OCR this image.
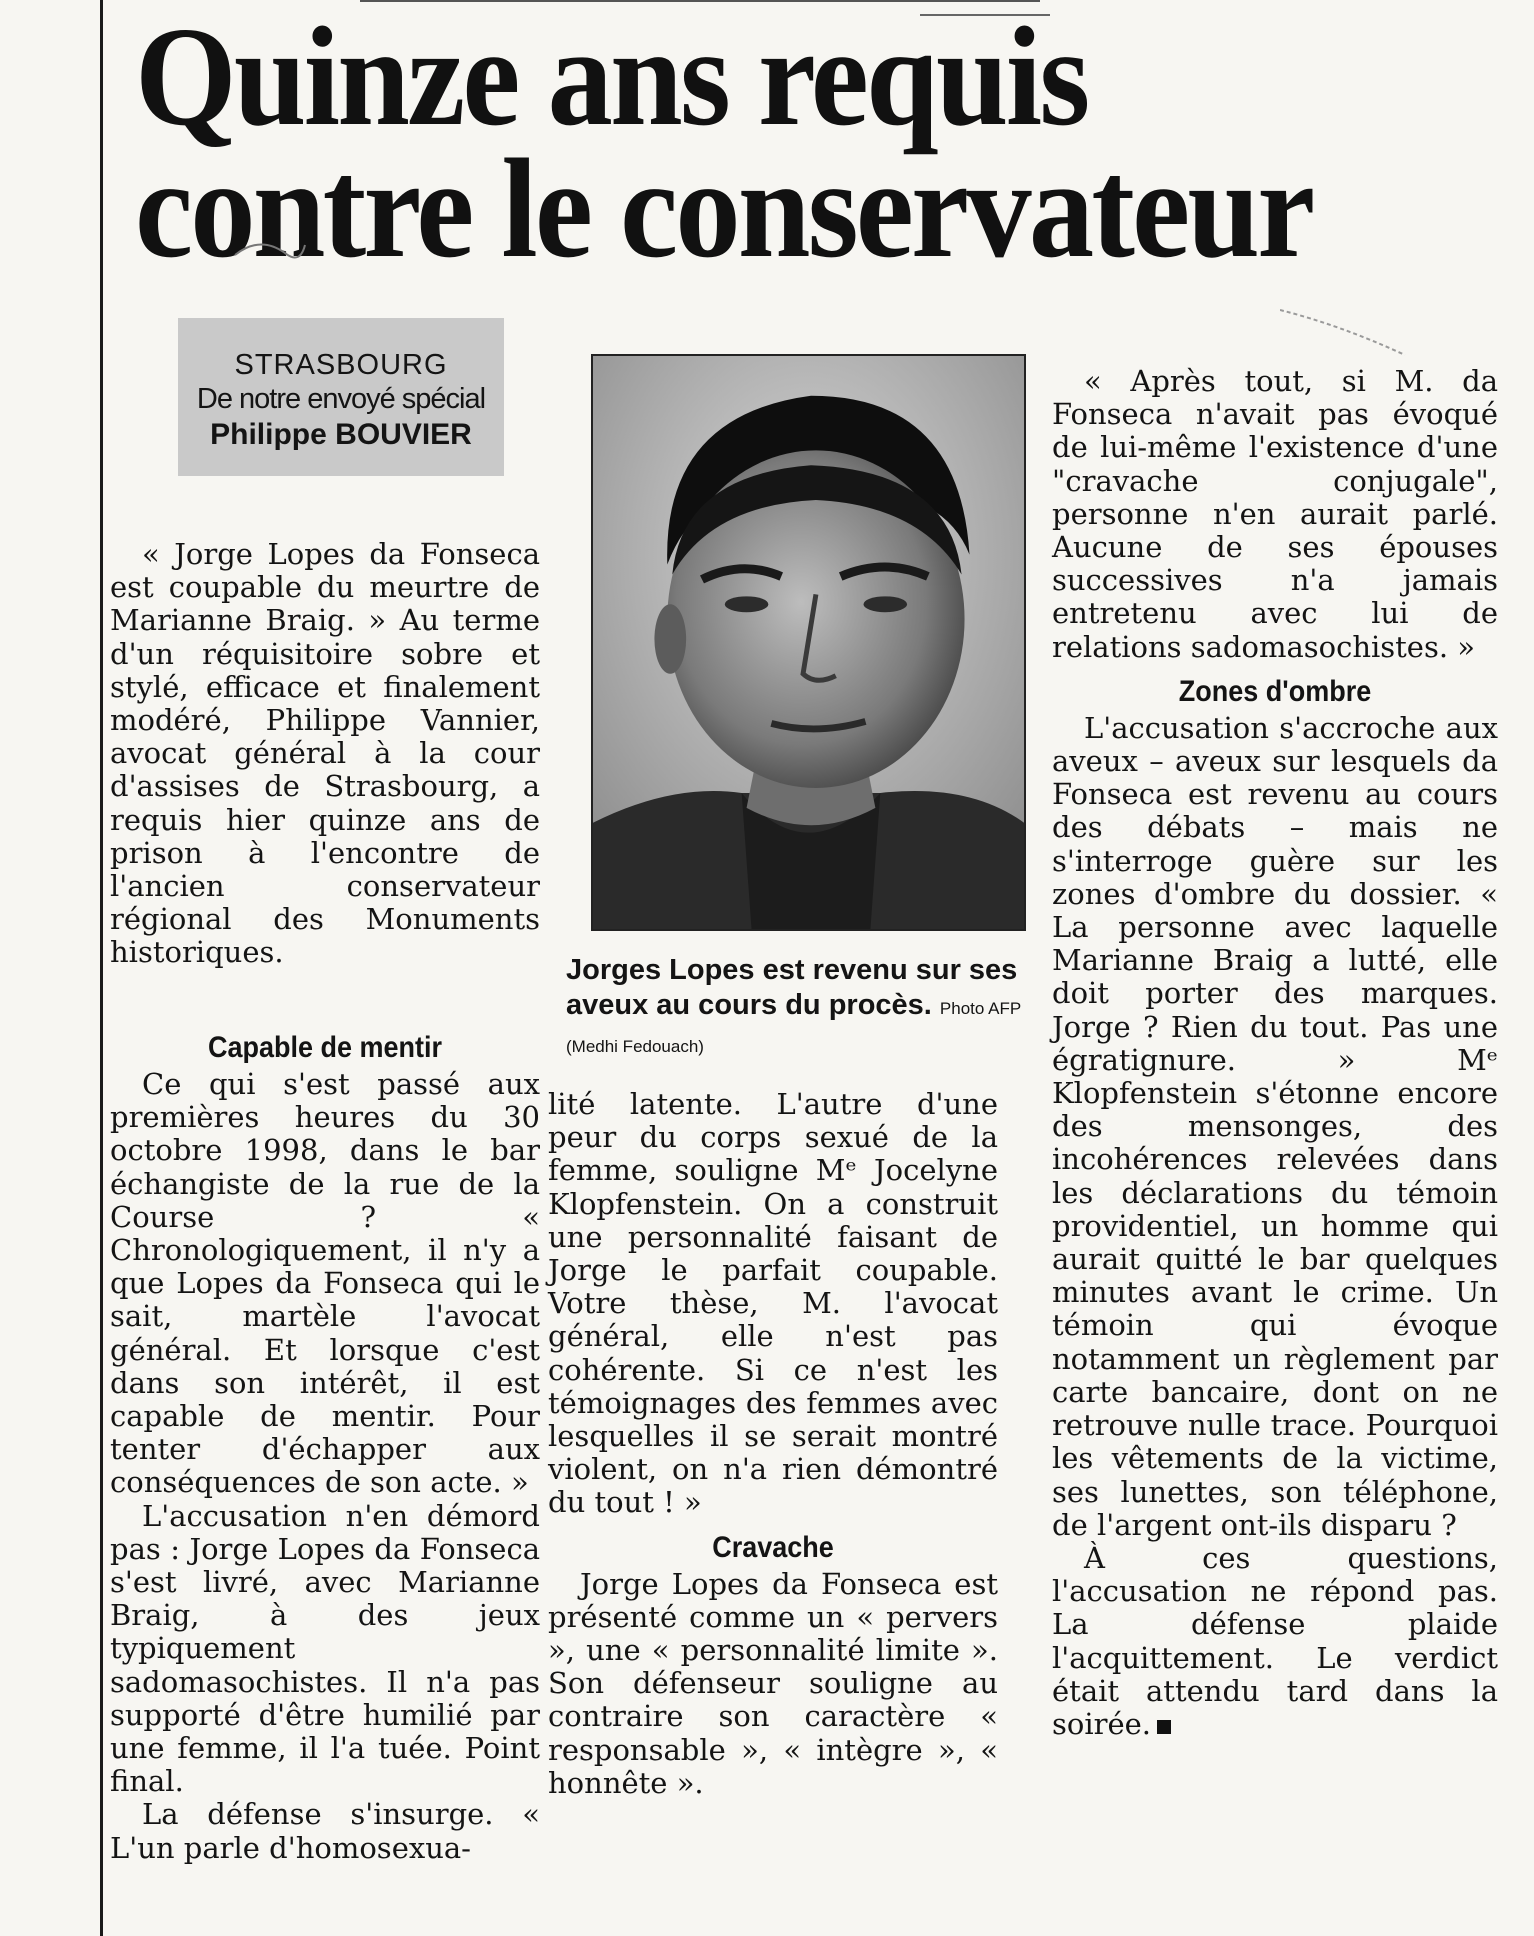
Quinze ans requis
contre le conservateur
STRASBOURG
De notre envoyé spécial
Philippe BOUVIER
Jorges Lopes est revenu sur ses aveux au cours du procès. Photo AFP (Medhi Fedouach)

« Jorge Lopes da Fonseca est coupable du meurtre de Marianne Braig. » Au terme d'un réquisitoire sobre et stylé, efficace et finalement modéré, Philippe Vannier, avocat général à la cour d'assises de Strasbourg, a requis hier quinze ans de prison à l'encontre de l'ancien conservateur régional des Monuments historiques.

Capable de mentir

Ce qui s'est passé aux premières heures du 30 octobre 1998, dans le bar échangiste de la rue de la Course ? « Chronologiquement, il n'y a que Lopes da Fonseca qui le sait, martèle l'avocat général. Et lorsque c'est dans son intérêt, il est capable de mentir. Pour tenter d'échapper aux conséquences de son acte. »

L'accusation n'en démord pas : Jorge Lopes da Fonseca s'est livré, avec Marianne Braig, à des jeux typiquement sadomasochistes. Il n'a pas supporté d'être humilié par une femme, il l'a tuée. Point final.

La défense s'insurge. « L'un parle d'homosexua-

lité latente. L'autre d'une peur du corps sexué de la femme, souligne Mᵉ Jocelyne Klopfenstein. On a construit une personnalité faisant de Jorge le parfait coupable. Votre thèse, M. l'avocat général, elle n'est pas cohérente. Si ce n'est les témoignages des femmes avec lesquelles il se serait montré violent, on n'a rien démontré du tout ! »

Cravache

Jorge Lopes da Fonseca est présenté comme un « pervers », une « personnalité limite ». Son défenseur souligne au contraire son caractère « responsable », « intègre », « honnête ».

« Après tout, si M. da Fonseca n'avait pas évoqué de lui-même l'existence d'une "cravache conjugale", personne n'en aurait parlé. Aucune de ses épouses successives n'a jamais entretenu avec lui de relations sadomasochistes. »

Zones d'ombre

L'accusation s'accroche aux aveux – aveux sur lesquels da Fonseca est revenu au cours des débats – mais ne s'interroge guère sur les zones d'ombre du dossier. « La personne avec laquelle Marianne Braig a lutté, elle doit porter des marques. Jorge ? Rien du tout. Pas une égratignure. » Mᵉ Klopfenstein s'étonne encore des mensonges, des incohérences relevées dans les déclarations du témoin providentiel, un homme qui aurait quitté le bar quelques minutes avant le crime. Un témoin qui évoque notamment un règlement par carte bancaire, dont on ne retrouve nulle trace. Pourquoi les vêtements de la victime, ses lunettes, son téléphone, de l'argent ont-ils disparu ?

À ces questions, l'accusation ne répond pas. La défense plaide l'acquittement. Le verdict était attendu tard dans la soirée.
